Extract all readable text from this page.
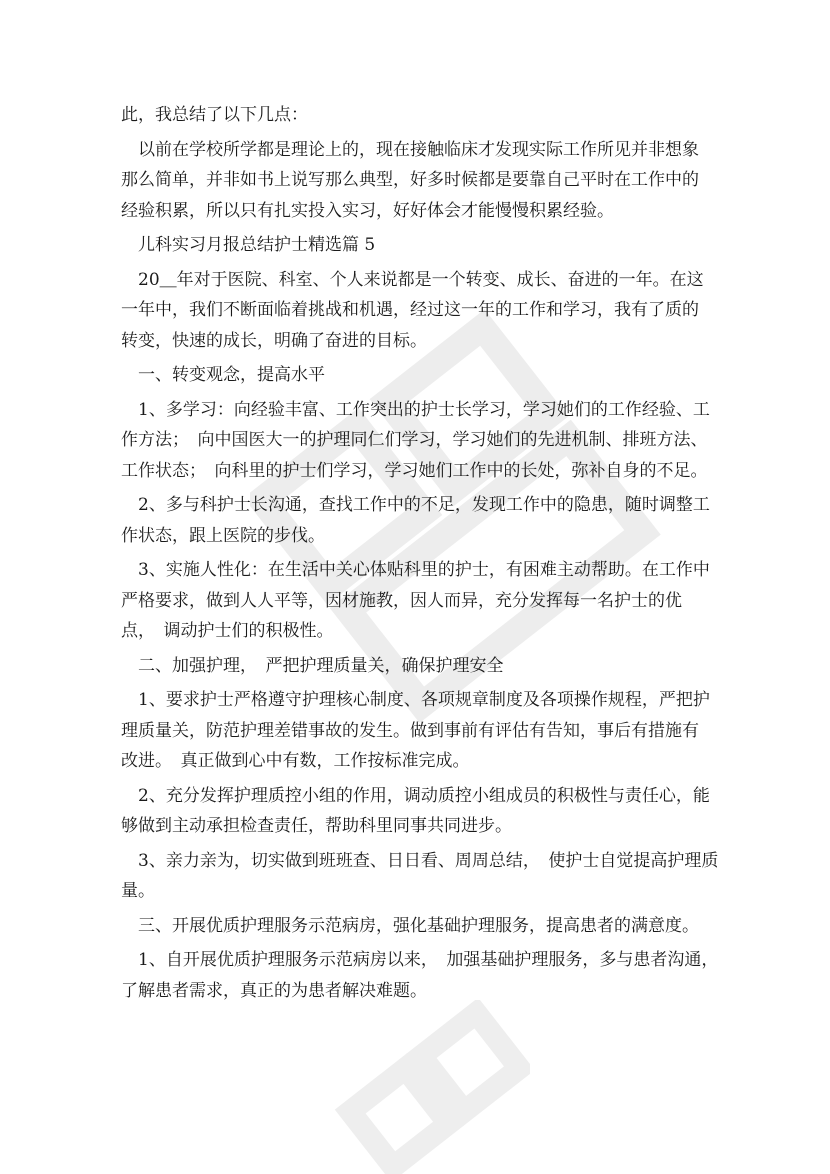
此，我总结了以下几点：

　以前在学校所学都是理论上的，现在接触临床才发现实际工作所见并非想象

那么简单，并非如书上说写那么典型，好多时候都是要靠自己平时在工作中的

经验积累，所以只有扎实投入实习，好好体会才能慢慢积累经验。

　儿科实习月报总结护士精选篇 5

　20＿年对于医院、科室、个人来说都是一个转变、成长、奋进的一年。在这

一年中，我们不断面临着挑战和机遇，经过这一年的工作和学习，我有了质的

转变，快速的成长，明确了奋进的目标。

　一、转变观念，提高水平

　1、多学习：向经验丰富、工作突出的护士长学习，学习她们的工作经验、工

作方法；　向中国医大一的护理同仁们学习，学习她们的先进机制、排班方法、

工作状态；　向科里的护士们学习，学习她们工作中的长处，弥补自身的不足。

　2、多与科护士长沟通，查找工作中的不足，发现工作中的隐患，随时调整工

作状态，跟上医院的步伐。

　3、实施人性化：在生活中关心体贴科里的护士，有困难主动帮助。在工作中

严格要求，做到人人平等，因材施教，因人而异，充分发挥每一名护士的优

点，　调动护士们的积极性。

　二、加强护理，　严把护理质量关，确保护理安全

　1、要求护士严格遵守护理核心制度、各项规章制度及各项操作规程，严把护

理质量关，防范护理差错事故的发生。做到事前有评估有告知，事后有措施有

改进。　真正做到心中有数，工作按标准完成。

　2、充分发挥护理质控小组的作用，调动质控小组成员的积极性与责任心，能

够做到主动承担检查责任，帮助科里同事共同进步。

　3、亲力亲为，切实做到班班查、日日看、周周总结，　使护士自觉提高护理质

量。

　三、开展优质护理服务示范病房，强化基础护理服务，提高患者的满意度。

　1、自开展优质护理服务示范病房以来，　加强基础护理服务，多与患者沟通，

了解患者需求，真正的为患者解决难题。
